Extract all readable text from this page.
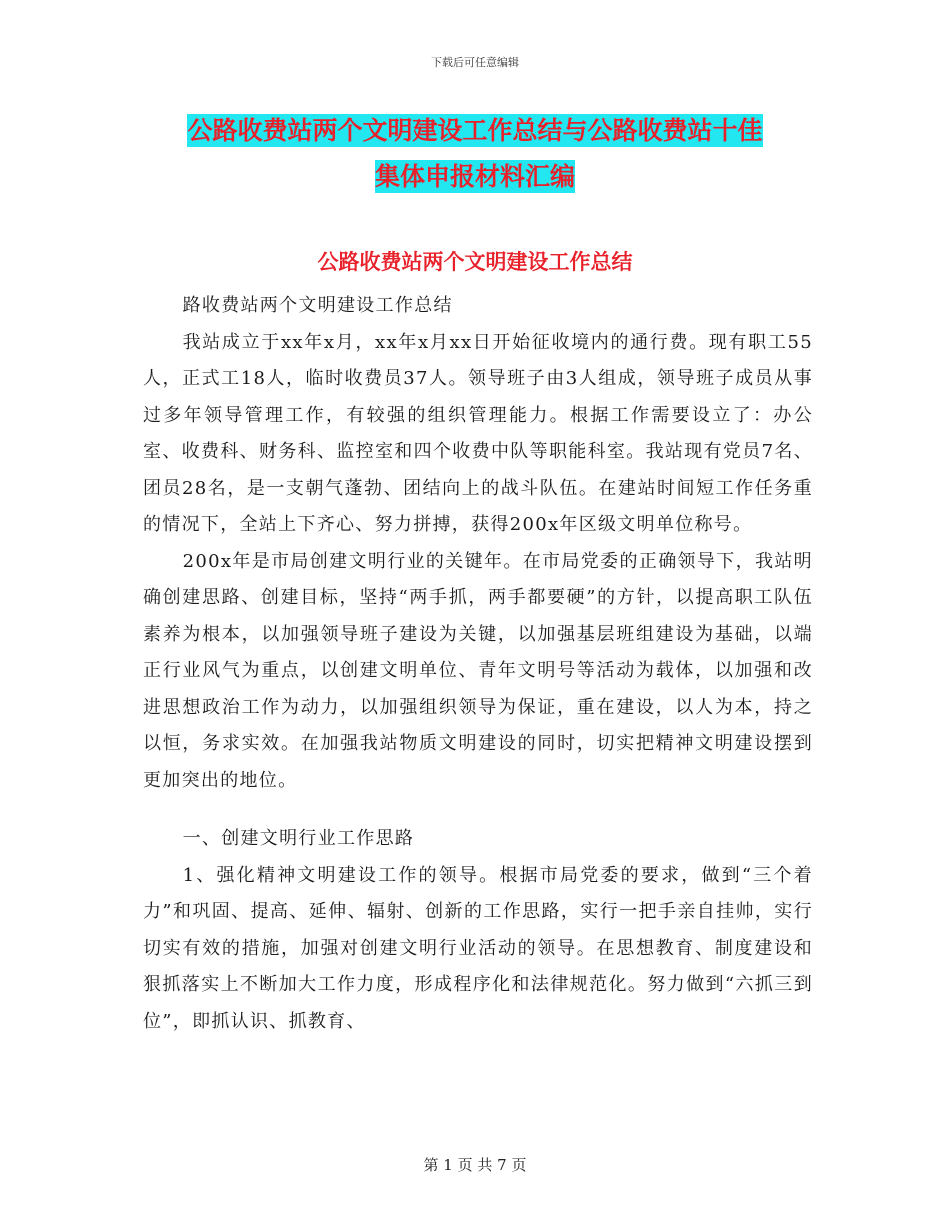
下载后可任意编辑
公路收费站两个文明建设工作总结与公路收费站十佳
集体申报材料汇编
公路收费站两个文明建设工作总结

路收费站两个文明建设工作总结

我站成立于xx年x月，xx年x月xx日开始征收境内的通行费。现有职工55人，正式工18人，临时收费员37人。领导班子由3人组成，领导班子成员从事过多年领导管理工作，有较强的组织管理能力。根据工作需要设立了：办公室、收费科、财务科、监控室和四个收费中队等职能科室。我站现有党员7名、团员28名，是一支朝气蓬勃、团结向上的战斗队伍。在建站时间短工作任务重的情况下，全站上下齐心、努力拼搏，获得200x年区级文明单位称号。

200x年是市局创建文明行业的关键年。在市局党委的正确领导下，我站明确创建思路、创建目标，坚持“两手抓，两手都要硬”的方针，以提高职工队伍素养为根本，以加强领导班子建设为关键，以加强基层班组建设为基础，以端正行业风气为重点，以创建文明单位、青年文明号等活动为载体，以加强和改进思想政治工作为动力，以加强组织领导为保证，重在建设，以人为本，持之以恒，务求实效。在加强我站物质文明建设的同时，切实把精神文明建设摆到更加突出的地位。

一、创建文明行业工作思路

1、强化精神文明建设工作的领导。根据市局党委的要求，做到“三个着力”和巩固、提高、延伸、辐射、创新的工作思路，实行一把手亲自挂帅，实行切实有效的措施，加强对创建文明行业活动的领导。在思想教育、制度建设和狠抓落实上不断加大工作力度，形成程序化和法律规范化。努力做到“六抓三到位”，即抓认识、抓教育、

第 1 页 共 7 页
